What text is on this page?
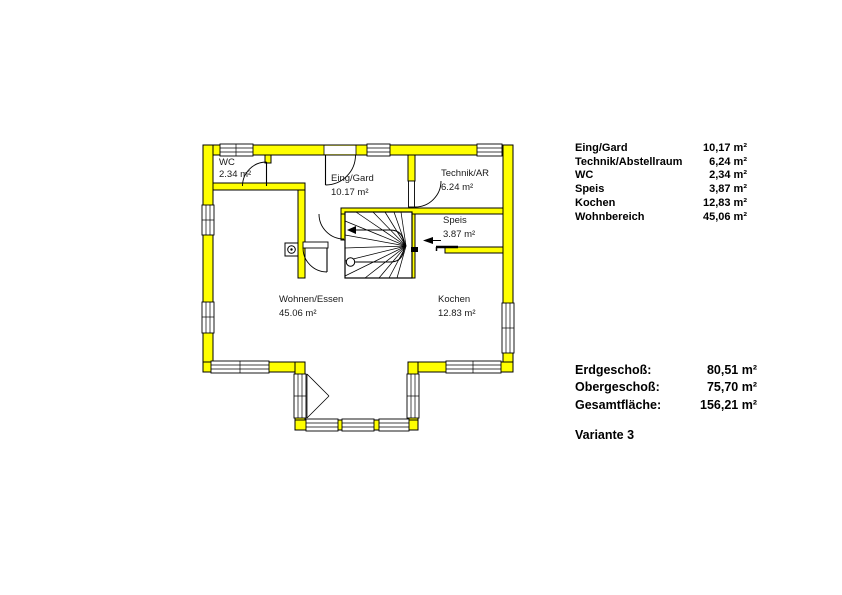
WC
2.34 m²	Eing/Gard
10.17 m²
Technik/AR
6.24 m²
Speis
3.87 m²
Wohnen/Essen
45.06 m²
Kochen
12.83 m²
Eing/Gard	10,17 m²
Technik/Abstellraum	6,24 m²
WC	2,34 m²
Speis	3,87 m²
Kochen	12,83 m²
Wohnbereich	45,06 m²
Erdgeschoß:	80,51 m²
Obergeschoß:	75,70 m²
Gesamtfläche:	156,21 m²
Variante 3
